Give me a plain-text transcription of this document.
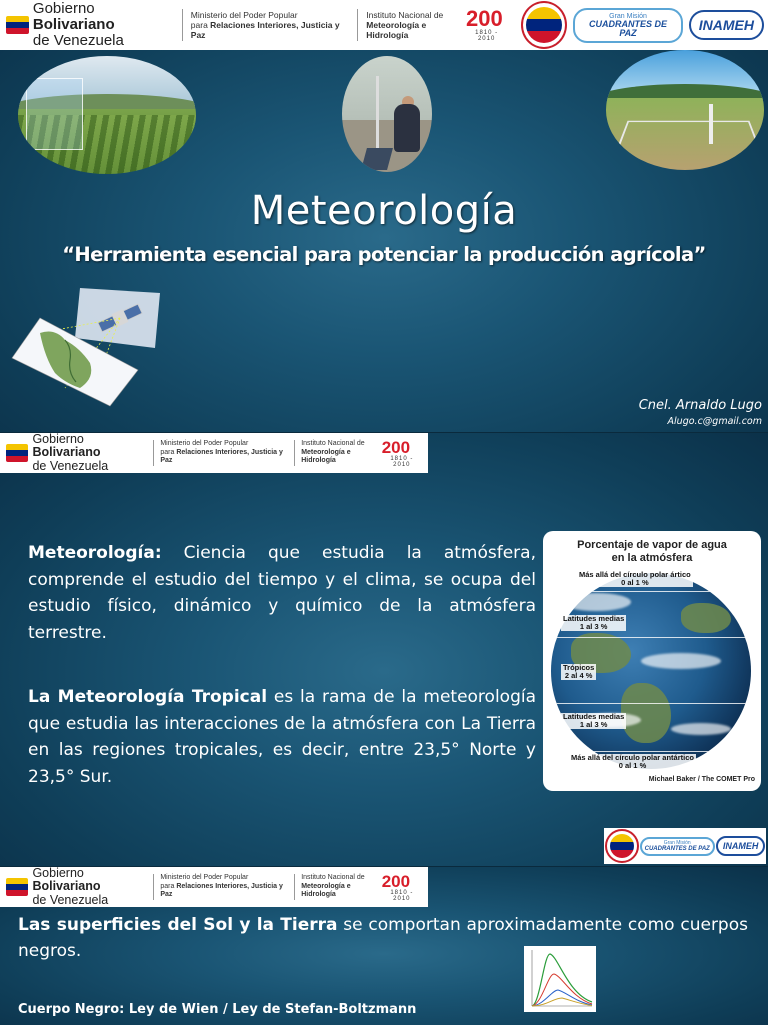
Gobierno Bolivariano
de Venezuela
Ministerio del Poder Popular
para Relaciones Interiores, Justicia y Paz
Instituto Nacional de
Meteorología e Hidrología
200
1810 - 2010
Gran Misión
CUADRANTES DE PAZ	INAMEH
Meteorología
“Herramienta esencial para potenciar la producción agrícola”
Cnel. Arnaldo Lugo
Alugo.c@gmail.com
Gobierno Bolivariano
de Venezuela
Ministerio del Poder Popular
para Relaciones Interiores, Justicia y Paz
Instituto Nacional de
Meteorología e Hidrología
200
1810 - 2010
Porcentaje de vapor de agua
en la atmósfera
Más allá del círculo polar ártico
0 al 1 %
Latitudes medias
1 al 3 %
Trópicos
2 al 4 %
Latitudes medias
1 al 3 %
Más allá del círculo polar antártico
0 al 1 %
Michael Baker / The COMET Pro
Meteorología: Ciencia que estudia la atmósfera, comprende el estudio del tiempo y el clima, se ocupa del estudio físico, dinámico y químico de la atmósfera terrestre.
La Meteorología Tropical es la rama de la meteorología que estudia las interacciones de la atmósfera con La Tierra en las regiones tropicales, es decir, entre 23,5° Norte y 23,5° Sur.
Gran Misión
CUADRANTES DE PAZ	INAMEH
Gobierno Bolivariano
de Venezuela
Ministerio del Poder Popular
para Relaciones Interiores, Justicia y Paz
Instituto Nacional de
Meteorología e Hidrología
200
1810 - 2010
Las superficies del Sol y la Tierra se comportan aproximadamente como cuerpos negros.
Cuerpo Negro: Ley de Wien / Ley de Stefan-Boltzmann
